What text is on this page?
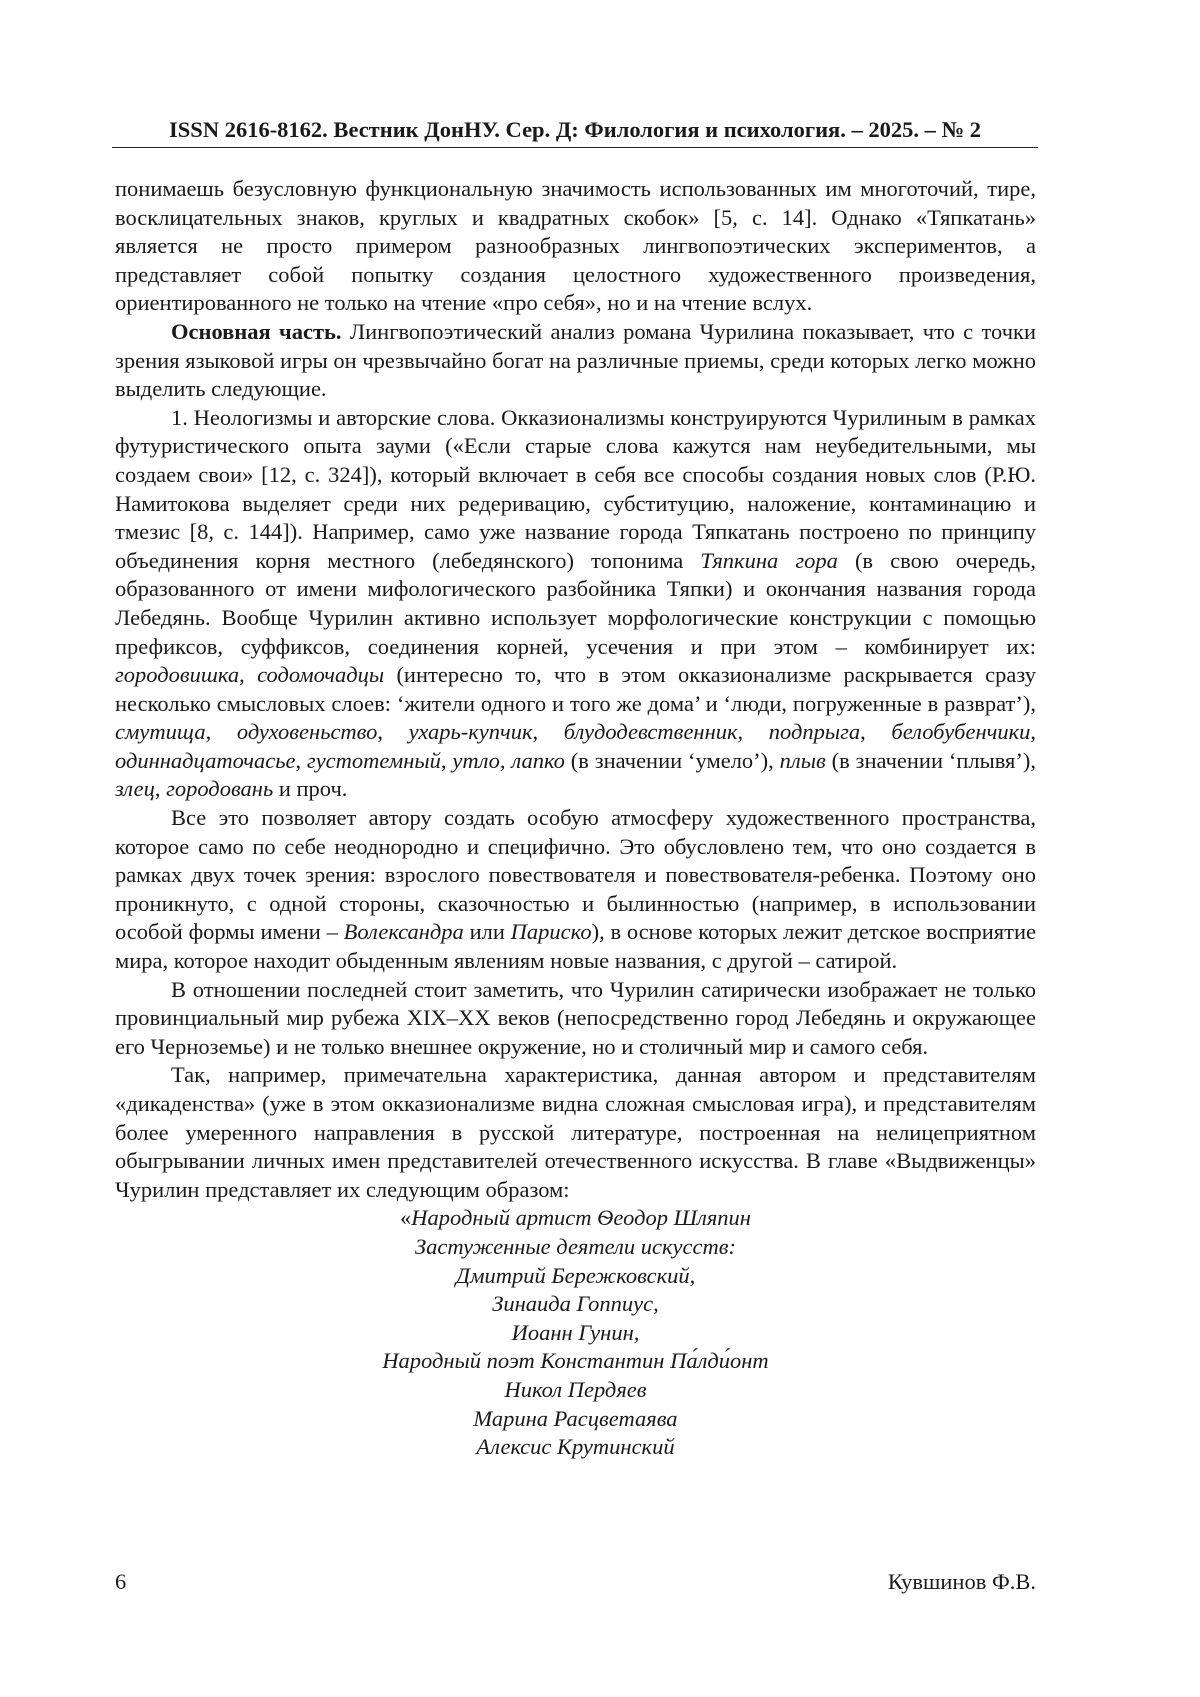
ISSN 2616-8162. Вестник ДонНУ. Сер. Д: Филология и психология. – 2025. – № 2

понимаешь безусловную функциональную значимость использованных им многоточий, тире, восклицательных знаков, круглых и квадратных скобок» [5, с. 14]. Однако «Тяпкатань» является не просто примером разнообразных лингвопоэтических экспериментов, а представляет собой попытку создания целостного художественного произведения, ориентированного не только на чтение «про себя», но и на чтение вслух.

Основная часть. Лингвопоэтический анализ романа Чурилина показывает, что с точки зрения языковой игры он чрезвычайно богат на различные приемы, среди которых легко можно выделить следующие.

1. Неологизмы и авторские слова. Окказионализмы конструируются Чурилиным в рамках футуристического опыта зауми («Если старые слова кажутся нам неубедительными, мы создаем свои» [12, с. 324]), который включает в себя все способы создания новых слов (Р.Ю. Намитокова выделяет среди них редеривацию, субституцию, наложение, контаминацию и тмезис [8, с. 144]). Например, само уже название города Тяпкатань построено по принципу объединения корня местного (лебедянского) топонима Тяпкина гора (в свою очередь, образованного от имени мифологического разбойника Тяпки) и окончания названия города Лебедянь. Вообще Чурилин активно использует морфологические конструкции с помощью префиксов, суффиксов, соединения корней, усечения и при этом – комбинирует их: городовишка, содомочадцы (интересно то, что в этом окказионализме раскрывается сразу несколько смысловых слоев: ‘жители одного и того же дома’ и ‘люди, погруженные в разврат’), смутища, одуховеньство, ухарь-купчик, блудодевственник, подпрыга, белобубенчики, одиннадцаточасье, густотемный, утло, лапко (в значении ‘умело’), плыв (в значении ‘плывя’), злец, городовань и проч.

Все это позволяет автору создать особую атмосферу художественного пространства, которое само по себе неоднородно и специфично. Это обусловлено тем, что оно создается в рамках двух точек зрения: взрослого повествователя и повествователя-ребенка. Поэтому оно проникнуто, с одной стороны, сказочностью и былинностью (например, в использовании особой формы имени – Волександра или Париско), в основе которых лежит детское восприятие мира, которое находит обыденным явлениям новые названия, с другой – сатирой.

В отношении последней стоит заметить, что Чурилин сатирически изображает не только провинциальный мир рубежа XIX–XX веков (непосредственно город Лебедянь и окружающее его Черноземье) и не только внешнее окружение, но и столичный мир и самого себя.

Так, например, примечательна характеристика, данная автором и представителям «дикаденства» (уже в этом окказионализме видна сложная смысловая игра), и представителям более умеренного направления в русской литературе, построенная на нелицеприятном обыгрывании личных имен представителей отечественного искусства. В главе «Выдвиженцы» Чурилин представляет их следующим образом:

«Народный артист Ѳеодор Шляпин
Застуженные деятели искусств:
Дмитрий Бережковский,
Зинаида Гоппиус,
Иоанн Гунин,
Народный поэт Константин Па́лди́онт
Никол Пердяев
Марина Расцветаява
Алексис Крутинский
6	Кувшинов Ф.В.
